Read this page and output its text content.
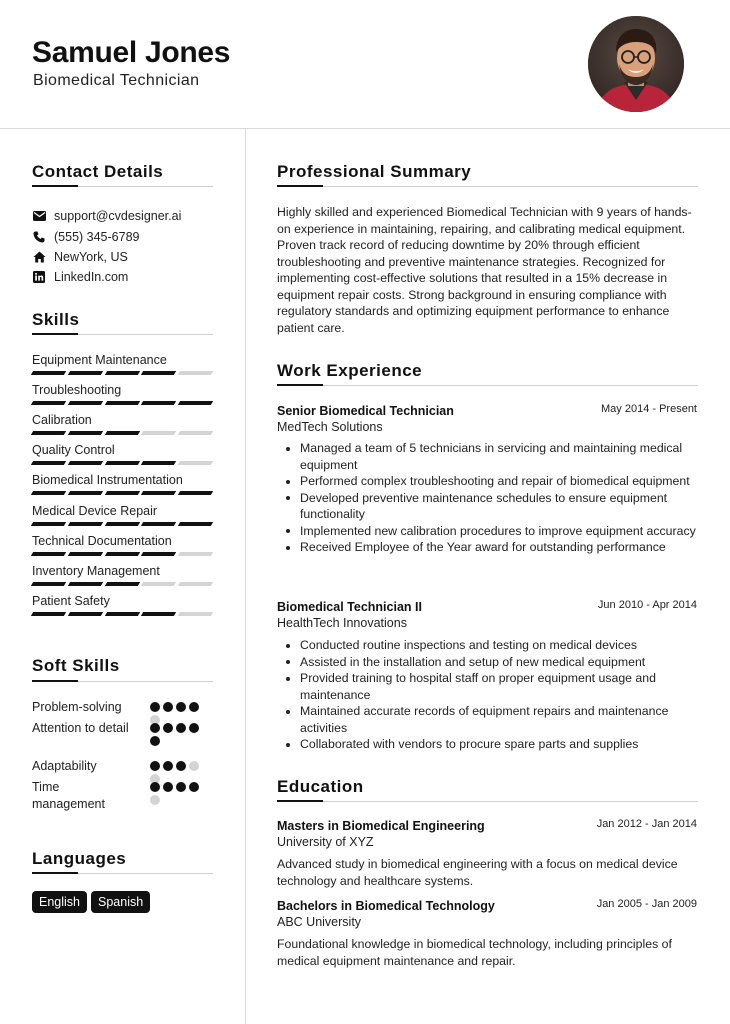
Samuel Jones
Biomedical Technician
Contact Details
support@cvdesigner.ai
(555) 345-6789
NewYork, US
LinkedIn.com
Skills
Equipment Maintenance
Troubleshooting
Calibration
Quality Control
Biomedical Instrumentation
Medical Device Repair
Technical Documentation
Inventory Management
Patient Safety
Soft Skills
Problem-solving
Attention to detail
Adaptability
Time management
Languages
English	Spanish
Professional Summary
Highly skilled and experienced Biomedical Technician with 9 years of hands-on experience in maintaining, repairing, and calibrating medical equipment. Proven track record of reducing downtime by 20% through efficient troubleshooting and preventive maintenance strategies. Recognized for implementing cost-effective solutions that resulted in a 15% decrease in equipment repair costs. Strong background in ensuring compliance with regulatory standards and optimizing equipment performance to enhance patient care.
Work Experience
Senior Biomedical Technician	May 2014 - Present
MedTech Solutions
Managed a team of 5 technicians in servicing and maintaining medical equipment
Performed complex troubleshooting and repair of biomedical equipment
Developed preventive maintenance schedules to ensure equipment functionality
Implemented new calibration procedures to improve equipment accuracy
Received Employee of the Year award for outstanding performance
Biomedical Technician II	Jun 2010 - Apr 2014
HealthTech Innovations
Conducted routine inspections and testing on medical devices
Assisted in the installation and setup of new medical equipment
Provided training to hospital staff on proper equipment usage and maintenance
Maintained accurate records of equipment repairs and maintenance activities
Collaborated with vendors to procure spare parts and supplies
Education
Masters in Biomedical Engineering	Jan 2012 - Jan 2014
University of XYZ
Advanced study in biomedical engineering with a focus on medical device technology and healthcare systems.
Bachelors in Biomedical Technology	Jan 2005 - Jan 2009
ABC University
Foundational knowledge in biomedical technology, including principles of medical equipment maintenance and repair.
